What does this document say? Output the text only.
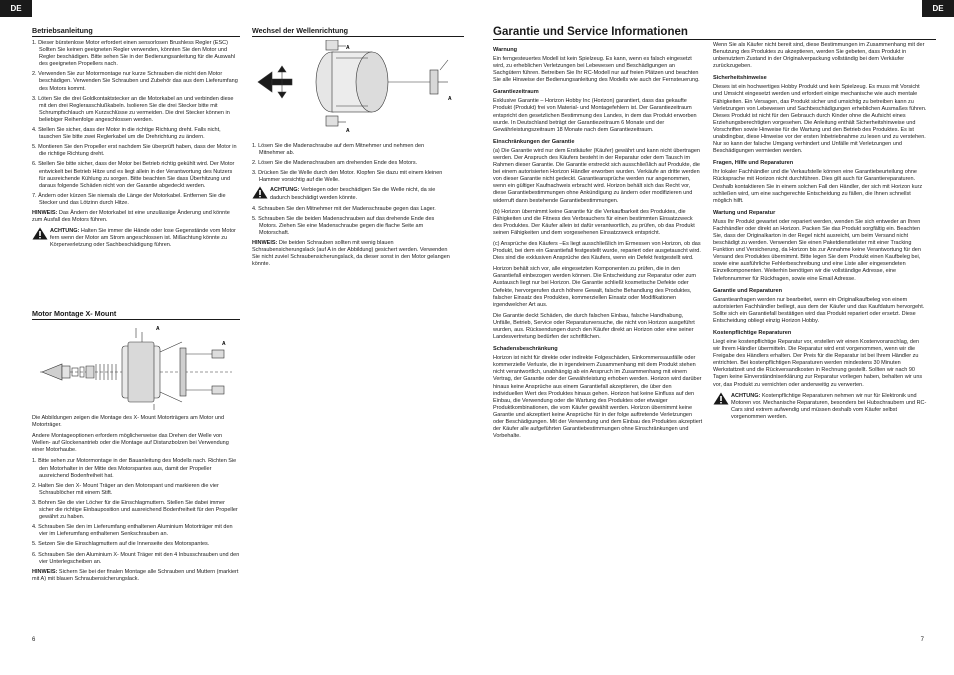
DE	DE
Betriebsanleitung

1. Dieser bürstenlose Motor erfordert einen sensorlosen Brushless Regler (ESC) Sollten Sie keinen geeigneten Regler verwenden, könnten Sie den Motor und Regler beschädigen. Bitte sehen Sie in der Bedienungsanleitung für die Auswahl des geeigneten Propellers nach.

2. Verwenden Sie zur Motormontage nur kurze Schrauben die nicht den Motor beschädigen. Verwenden Sie Schrauben und Zubehör das aus dem Lieferumfang des Motors kommt.

3. Löten Sie die drei Goldkontaktstecker an die Motorkabel an und verbinden diese mit den drei Reglerasschlußkabeln. Isolieren Sie die drei Stecker bitte mit Schrumpfschlauch um Kurzschlüsse zu vermeiden. Die drei Stecker können in beliebiger Reihenfolge angeschlossen werden.

4. Stellen Sie sicher, dass der Motor in die richtige Richtung dreht. Falls nicht, tauschen Sie bitte zwei Reglerkabel um die Drehrichtung zu ändern.

5. Montieren Sie den Propeller erst nachdem Sie überprüft haben, dass der Motor in die richtige Richtung dreht.

6. Stellen Sie bitte sicher, dass der Motor bei Betrieb richtig gekühlt wird. Der Motor entwickelt bei Betrieb Hitze und es liegt allein in der Verantwortung des Nutzers für ausreichende Kühlung zu sorgen. Bitte beachten Sie dass Überhitzung und daraus folgende Schäden nicht von der Garantie abgedeckt werden.

7. Ändern oder kürzen Sie niemals die Länge der Motorkabel. Entfernen Sie die Stecker und das Lötzinn durch Hitze.

HINWEIS: Das Ändern der Motorkabel ist eine unzulässige Änderung und könnte zum Ausfall des Motors führen.

ACHTUNG: Halten Sie immer die Hände oder lose Gegenstände vom Motor fern wenn der Motor am Strom angeschlossen ist. Mißachtung könnte zu Körperverletzung oder Sachbeschädigung führen.
Motor Montage X- Mount
A
A

Die Abbildungen zeigen die Montage des X- Mount Motorträgers am Motor und Motorträger.

Andere Montageoptionen erfordern möglicherweise das Drehen der Welle von Wellen- auf Glockenantrieb oder die Montage auf Distanzbolzen bei Verwendung einer Motorhaube.

1. Bitte sehen zur Motormontage in der Bauanleitung des Modells nach. Richten Sie den Motorhalter in der Mitte des Motorspantes aus, damit der Propeller ausreichend Bodenfreiheit hat.

2. Halten Sie den X- Mount Träger an den Motorspant und markieren die vier Schraublöcher mit einem Stift.

3. Bohren Sie die vier Löcher für die Einschlagmuttern. Stellen Sie dabei immer sicher die richtige Einbauposition und ausreichend Bodenfreiheit für den Propeller gewährt zu haben.

4. Schrauben Sie den im Lieferumfang enthaltenen Aluminium Motorträger mit den vier im Lieferumfang enthaltenen Senkschrauben an.

5. Setzen Sie die Einschlagmuttern auf die Innenseite des Motorspantes.

6. Schrauben Sie den Aluminium X- Mount Träger mit den 4 Inbusschrauben und den vier Unterlegscheiben an.

HINWEIS: Sichern Sie bei der finalen Montage alle Schrauben und Muttern (markiert mit A) mit blauen Schraubensicherungslack.

Wechsel der Wellenrichtung
A
A
A

1. Lösen Sie die Madenschraube auf dem Mitnehmer und nehmen den Mitnehmer ab.

2. Lösen Sie die Madenschrauben am drehenden Ende des Motors.

3. Drücken Sie die Welle durch den Motor. Klopfen Sie dazu mit einem kleinen Hammer vorsichtig auf die Welle.

ACHTUNG: Verbiegen oder beschädigen Sie die Welle nicht, da sie dadurch beschädigt werden könnte.

4. Schrauben Sie den Mitnehmer mit der Madenschraube gegen das Lager.

5. Schrauben Sie die beiden Madenschrauben auf das drehende Ende des Motors. Ziehen Sie eine Madenschraube gegen die flache Seite am Motorschaft.

HINWEIS: Die beiden Schrauben sollten mit wenig blauen Schraubensicherungslack (auf A in der Abbildung) gesichert werden. Verwenden Sie nicht zuviel Schraubensicherungslack, da dieser sonst in den Motor gelangen könnte.

6	7
Garantie und Service Informationen
Warnung

Ein ferngesteuertes Modell ist kein Spielzeug. Es kann, wenn es falsch eingesetzt wird, zu erheblichen Verletzungen bei Lebewesen und Beschädigungen an Sachgütern führen. Betreiben Sie Ihr RC-Modell nur auf freien Plätzen und beachten Sie alle Hinweise der Bedienungsanleitung des Modells wie auch der Fernsteuerung.

Garantiezeitraum

Exklusive Garantie – Horizon Hobby Inc (Horizon) garantiert, dass das gekaufte Produkt (Produkt) frei von Material- und Montagefehlern ist. Der Garantiezeitraum entspricht den gesetzlichen Bestimmung des Landes, in dem das Produkt erworben wurde. In Deutschland beträgt der Garantiezeitraum 6 Monate und der Gewährleistungszeitraum 18 Monate nach dem Garantiezeitraum.

Einschränkungen der Garantie

(a) Die Garantie wird nur dem Erstkäufer (Käufer) gewährt und kann nicht übertragen werden. Der Anspruch des Käufers besteht in der Reparatur oder dem Tausch im Rahmen dieser Garantie. Die Garantie erstreckt sich ausschließlich auf Produkte, die bei einem autorisierten Horizon Händler erworben wurden. Verkäufe an dritte werden von dieser Garantie nicht gedeckt. Garantieansprüche werden nur angenommen, wenn ein gültiger Kaufnachweis erbracht wird. Horizon behält sich das Recht vor, diese Garantiebestimmungen ohne Ankündigung zu ändern oder modifizieren und widerruft dann bestehende Garantiebestimmungen.

(b) Horizon übernimmt keine Garantie für die Verkaufbarkeit des Produktes, die Fähigkeiten und die Fitness des Verbrauchers für einen bestimmten Einsatzzweck des Produktes. Der Käufer allein ist dafür verantwortlich, zu prüfen, ob das Produkt seinen Fähigkeiten und dem vorgesehenen Einsatzzweck entspricht.

(c) Ansprüche des Käufers –Es liegt ausschließlich im Ermessen von Horizon, ob das Produkt, bei dem ein Garantiefall festgestellt wurde, repariert oder ausgetauscht wird. Dies sind die exklusiven Ansprüche des Käufers, wenn ein Defekt festgestellt wird.

Horizon behält sich vor, alle eingesetzten Komponenten zu prüfen, die in den Garantiefall einbezogen werden können. Die Entscheidung zur Reparatur oder zum Austausch liegt nur bei Horizon. Die Garantie schließt kosmetische Defekte oder Defekte, hervorgerufen durch höhere Gewalt, falsche Behandlung des Produktes, falscher Einsatz des Produktes, kommerziellen Einsatz oder Modifikationen irgendwelcher Art aus.

Die Garantie deckt Schäden, die durch falschen Einbau, falsche Handhabung, Unfälle, Betrieb, Service oder Reparaturversuche, die nicht von Horizon ausgeführt wurden, aus. Rücksendungen durch den Käufer direkt an Horizon oder eine seiner Landesvertretung bedürfen der schriftlichen.

Schadensbeschränkung

Horizon ist nicht für direkte oder indirekte Folgeschäden, Einkommensausfälle oder kommerzielle Verluste, die in irgendeinem Zusammenhang mit dem Produkt stehen nicht verantwortlich, unabhängig ab ein Anspruch im Zusammenhang mit einem Vertrag, der Garantie oder der Gewährleistung erhoben werden. Horizon wird darüber hinaus keine Ansprüche aus einem Garantiefall akzeptieren, die über den individuellen Wert des Produktes hinaus gehen. Horizon hat keine Einfluss auf den Einbau, die Verwendung oder die Wartung des Produktes oder etwaiger Produktkombinationen, die vom Käufer gewählt werden. Horizon übernimmt keine Garantie und akzeptiert keine Ansprüche für in der folge auftretende Verletzungen oder Beschädigungen. Mit der Verwendung und dem Einbau des Produktes akzeptiert der Käufer alle aufgeführten Garantiebestimmungen ohne Einschränkungen und Vorbehalte.

Wenn Sie als Käufer nicht bereit sind, diese Bestimmungen im Zusammenhang mit der Benutzung des Produktes zu akzeptieren, werden Sie gebeten, dass Produkt in unbenutztem Zustand in der Originalverpackung vollständig bei dem Verkäufer zurückzugeben.

Sicherheitshinweise

Dieses ist ein hochwertiges Hobby Produkt und kein Spielzeug. Es muss mit Vorsicht und Umsicht eingesetzt werden und erfordert einige mechanische wie auch mentale Fähigkeiten. Ein Versagen, das Produkt sicher und umsichtig zu betreiben kann zu Verletzungen von Lebewesen und Sachbeschädigungen erheblichen Ausmaßes führen. Dieses Produkt ist nicht für den Gebrauch durch Kinder ohne die Aufsicht eines Erziehungsberechtigten vorgesehen. Die Anleitung enthält Sicherheitshinweise und Vorschriften sowie Hinweise für die Wartung und den Betrieb des Produktes. Es ist unabdingbar, diese Hinweise vor der ersten Inbetriebnahme zu lesen und zu verstehen. Nur so kann der falsche Umgang verhindert und Unfälle mit Verletzungen und Beschädigungen vermieden werden.

Fragen, Hilfe und Reparaturen

Ihr lokaler Fachhändler und die Verkaufstelle können eine Garantiebeurteilung ohne Rücksprache mit Horizon nicht durchführen. Dies gilt auch für Garantiereparaturen. Deshalb kontaktieren Sie in einem solchen Fall den Händler, der sich mit Horizon kurz schließen wird, um eine sachgerechte Entscheidung zu fällen, die Ihnen schnellst möglich hilft.

Wartung und Reparatur

Muss Ihr Produkt gewartet oder repariert werden, wenden Sie sich entweder an Ihren Fachhändler oder direkt an Horizon. Packen Sie das Produkt sorgfältig ein. Beachten Sie, dass der Originalkarton in der Regel nicht ausreicht, um beim Versand nicht beschädigt zu werden. Verwenden Sie einen Paketdienstleister mit einer Tracking Funktion und Versicherung, da Horizon bis zur Annahme keine Verantwortung für den Versand des Produktes übernimmt. Bitte legen Sie dem Produkt einen Kaufbeleg bei, sowie eine ausführliche Fehlerbeschreibung und eine Liste aller eingesendeten Einzelkomponenten. Weiterhin benötigen wir die vollständige Adresse, eine Telefonnummer für Rückfragen, sowie eine Email Adresse.

Garantie und Reparaturen

Garantieanfragen werden nur bearbeitet, wenn ein Originalkaufbeleg von einem autorisierten Fachhändler beiliegt, aus dem der Käufer und das Kaufdatum hervorgeht. Sollte sich ein Garantiefall bestätigen wird das Produkt repariert oder ersetzt. Diese Entscheidung obliegt einzig Horizon Hobby.

Kostenpflichtige Reparaturen

Liegt eine kostenpflichtige Reparatur vor, erstellen wir einen Kostenvoranschlag, den wir Ihrem Händler übermitteln. Die Reparatur wird erst vorgenommen, wenn wir die Freigabe des Händlers erhalten. Der Preis für die Reparatur ist bei Ihrem Händler zu entrichten. Bei kostenpflichtigen Reparaturen werden mindestens 30 Minuten Werkstattzeit und die Rückversandkosten in Rechnung gestellt. Sollten wir nach 90 Tagen keine Einverständniserklärung zur Reparatur vorliegen haben, behalten wir uns vor, das Produkt zu vernichten oder anderweitig zu verwerten.

ACHTUNG: Kostenpflichtige Reparaturen nehmen wir nur für Elektronik und Motoren vor. Mechanische Reparaturen, besonders bei Hubschraubern und RC-Cars sind extrem aufwendig und müssen deshalb vom Käufer selbst vorgenommen werden.
